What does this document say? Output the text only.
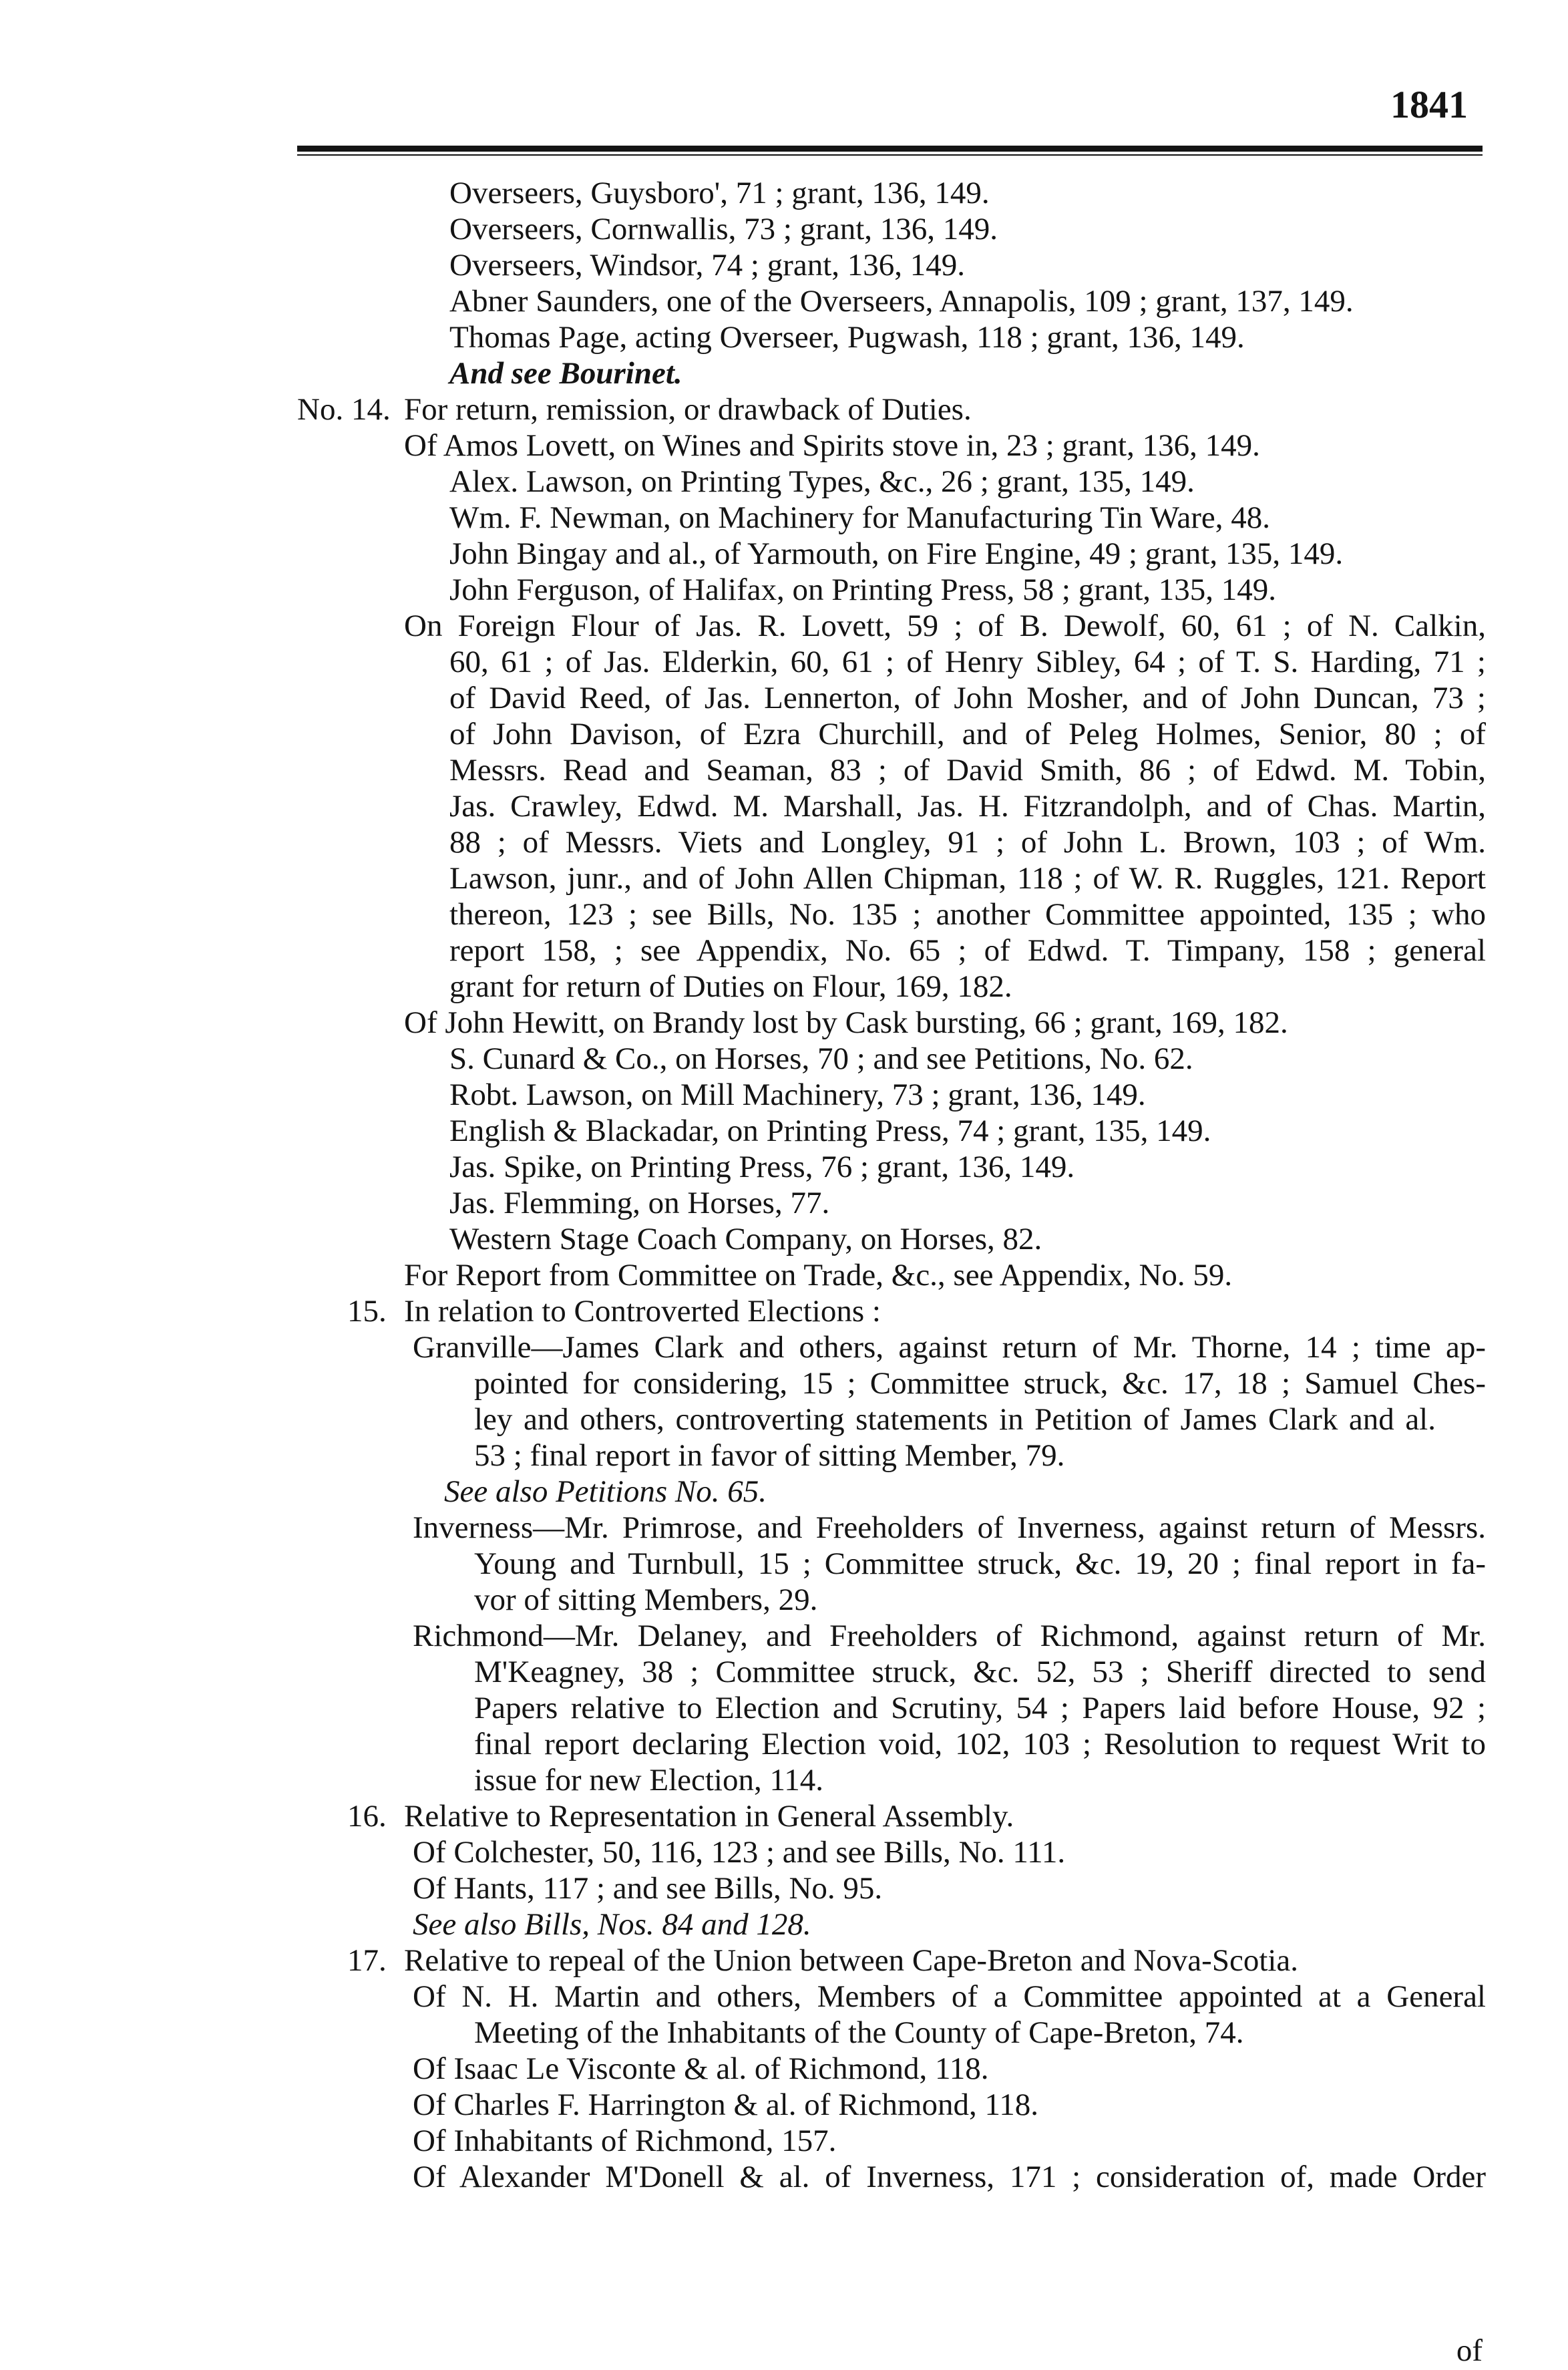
1841
Overseers, Guysboro', 71 ; grant, 136, 149.
Overseers, Cornwallis, 73 ; grant, 136, 149.
Overseers, Windsor, 74 ; grant, 136, 149.
Abner Saunders, one of the Overseers, Annapolis, 109 ; grant, 137, 149.
Thomas Page, acting Overseer, Pugwash, 118 ; grant, 136, 149.
And see Bourinet.
No. 14. For return, remission, or drawback of Duties.
Of Amos Lovett, on Wines and Spirits stove in, 23 ; grant, 136, 149.
Alex. Lawson, on Printing Types, &c., 26 ; grant, 135, 149.
Wm. F. Newman, on Machinery for Manufacturing Tin Ware, 48.
John Bingay and al., of Yarmouth, on Fire Engine, 49 ; grant, 135, 149.
John Ferguson, of Halifax, on Printing Press, 58 ; grant, 135, 149.
On Foreign Flour of Jas. R. Lovett, 59 ; of B. Dewolf, 60, 61 ; of N. Calkin,
60, 61 ; of Jas. Elderkin, 60, 61 ; of Henry Sibley, 64 ; of T. S. Harding, 71 ;
of David Reed, of Jas. Lennerton, of John Mosher, and of John Duncan, 73 ;
of John Davison, of Ezra Churchill, and of Peleg Holmes, Senior, 80 ; of
Messrs. Read and Seaman, 83 ; of David Smith, 86 ; of Edwd. M. Tobin,
Jas. Crawley, Edwd. M. Marshall, Jas. H. Fitzrandolph, and of Chas. Martin,
88 ; of Messrs. Viets and Longley, 91 ; of John L. Brown, 103 ; of Wm.
Lawson, junr., and of John Allen Chipman, 118 ; of W. R. Ruggles, 121. Report
thereon, 123 ; see Bills, No. 135 ; another Committee appointed, 135 ; who
report 158, ; see Appendix, No. 65 ; of Edwd. T. Timpany, 158 ; general
grant for return of Duties on Flour, 169, 182.
Of John Hewitt, on Brandy lost by Cask bursting, 66 ; grant, 169, 182.
S. Cunard & Co., on Horses, 70 ; and see Petitions, No. 62.
Robt. Lawson, on Mill Machinery, 73 ; grant, 136, 149.
English & Blackadar, on Printing Press, 74 ; grant, 135, 149.
Jas. Spike, on Printing Press, 76 ; grant, 136, 149.
Jas. Flemming, on Horses, 77.
Western Stage Coach Company, on Horses, 82.
For Report from Committee on Trade, &c., see Appendix, No. 59.
15. In relation to Controverted Elections :
Granville—James Clark and others, against return of Mr. Thorne, 14 ; time ap-
pointed for considering, 15 ; Committee struck, &c. 17, 18 ; Samuel Ches-
ley and others, controverting statements in Petition of James Clark and al.
53 ; final report in favor of sitting Member, 79.
See also Petitions No. 65.
Inverness—Mr. Primrose, and Freeholders of Inverness, against return of Messrs.
Young and Turnbull, 15 ; Committee struck, &c. 19, 20 ; final report in fa-
vor of sitting Members, 29.
Richmond—Mr. Delaney, and Freeholders of Richmond, against return of Mr.
M'Keagney, 38 ; Committee struck, &c. 52, 53 ; Sheriff directed to send
Papers relative to Election and Scrutiny, 54 ; Papers laid before House, 92 ;
final report declaring Election void, 102, 103 ; Resolution to request Writ to
issue for new Election, 114.
16. Relative to Representation in General Assembly.
Of Colchester, 50, 116, 123 ; and see Bills, No. 111.
Of Hants, 117 ; and see Bills, No. 95.
See also Bills, Nos. 84 and 128.
17. Relative to repeal of the Union between Cape-Breton and Nova-Scotia.
Of N. H. Martin and others, Members of a Committee appointed at a General
Meeting of the Inhabitants of the County of Cape-Breton, 74.
Of Isaac Le Visconte & al. of Richmond, 118.
Of Charles F. Harrington & al. of Richmond, 118.
Of Inhabitants of Richmond, 157.
Of Alexander M'Donell & al. of Inverness, 171 ; consideration of, made Order
of
